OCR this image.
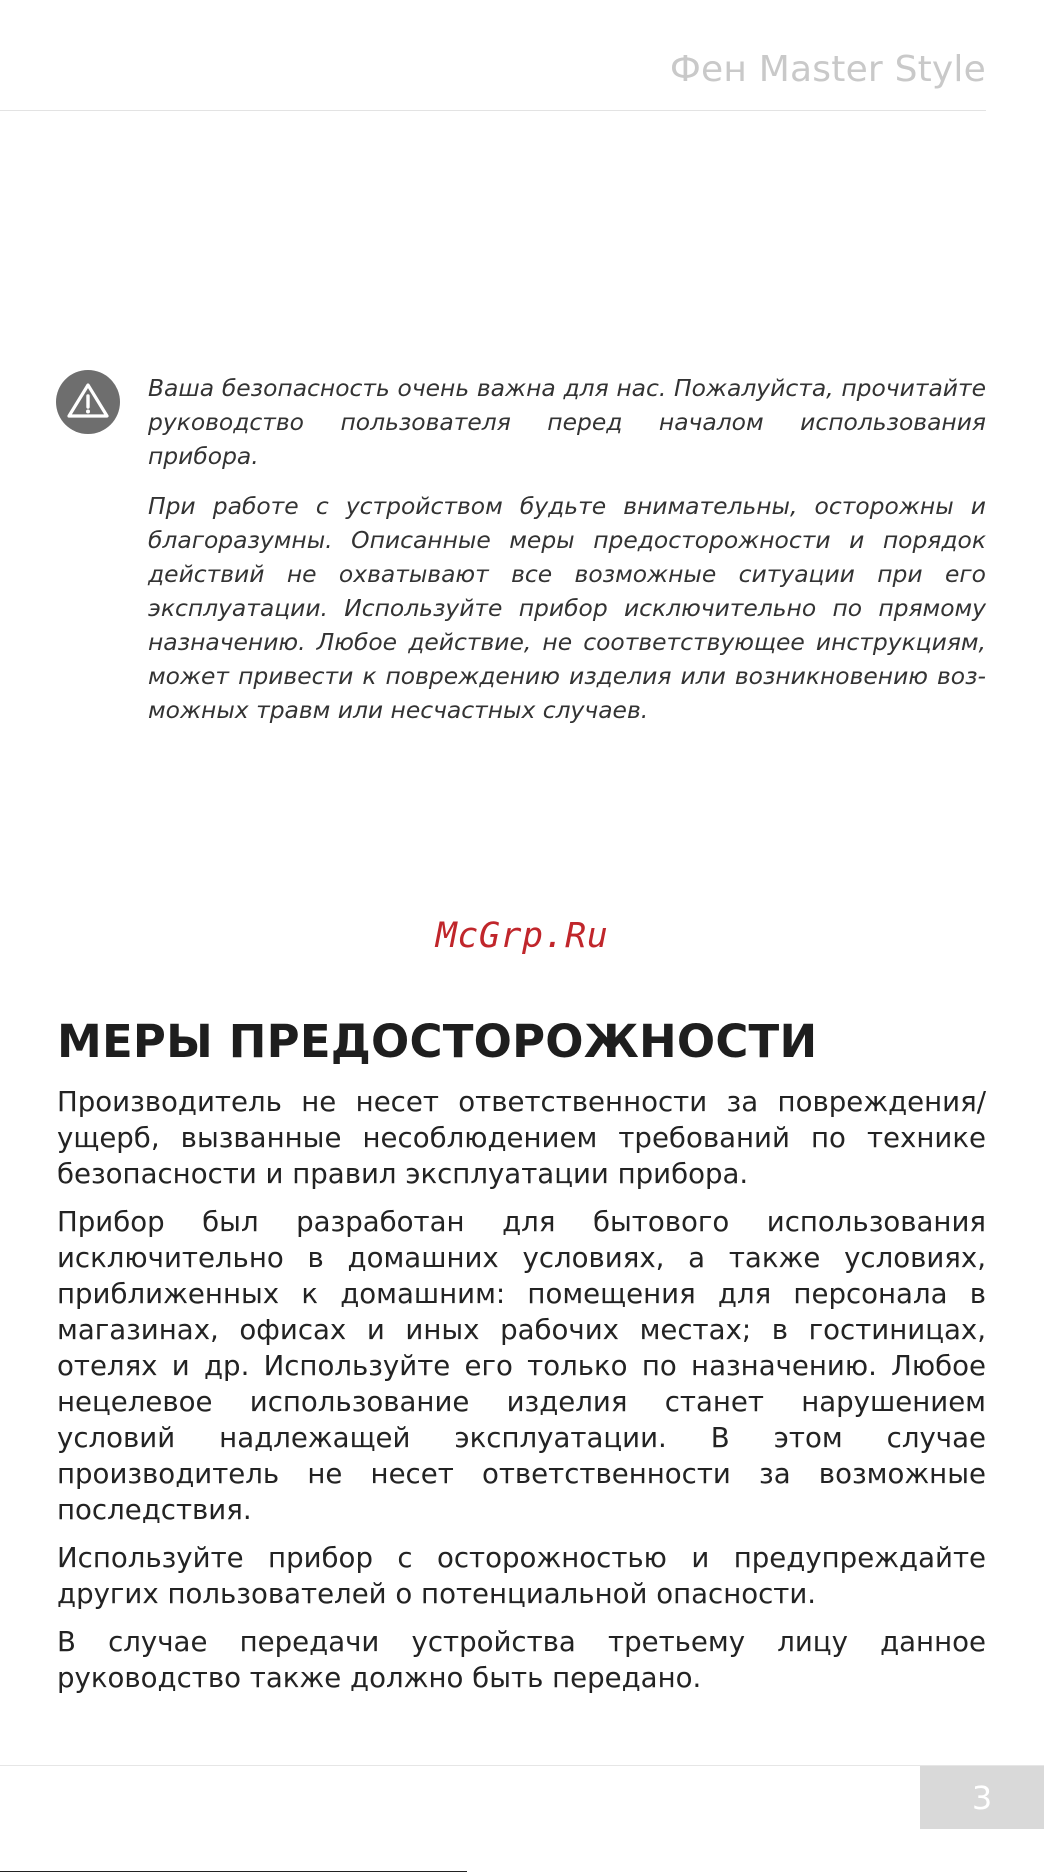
Фен Master Style

Ваша безопасность очень важна для нас. Пожалуйста, прочитайте руководство пользователя перед началом использования прибора.

При работе с устройством будьте внимательны, осторожны и благоразумны. Описанные меры предосторожности и порядок действий не охватывают все возможные ситуации при его эксплуатации. Используйте прибор исключительно по прямому назначению. Любое действие, не соответствующее инструкциям, может привести к повреждению изделия или возникновению возможных травм или несчастных случаев.

McGrp.Ru
МЕРЫ ПРЕДОСТОРОЖНОСТИ

Производитель не несет ответственности за повреждения/ущерб, вызванные несоблюдением требований по технике безопасности и правил эксплуатации прибора.

Прибор был разработан для бытового использования исключительно в домашних условиях, а также условиях, приближенных к домашним: помещения для персонала в магазинах, офисах и иных рабочих местах; в гостиницах, отелях и др. Используйте его только по назначению. Любое нецелевое использование изделия станет нарушением условий надлежащей эксплуатации. В этом случае производитель не несет ответственности за возможные последствия.

Используйте прибор с осторожностью и предупреждайте других пользователей о потенциальной опасности.

В случае передачи устройства третьему лицу данное руководство также должно быть передано.

3
